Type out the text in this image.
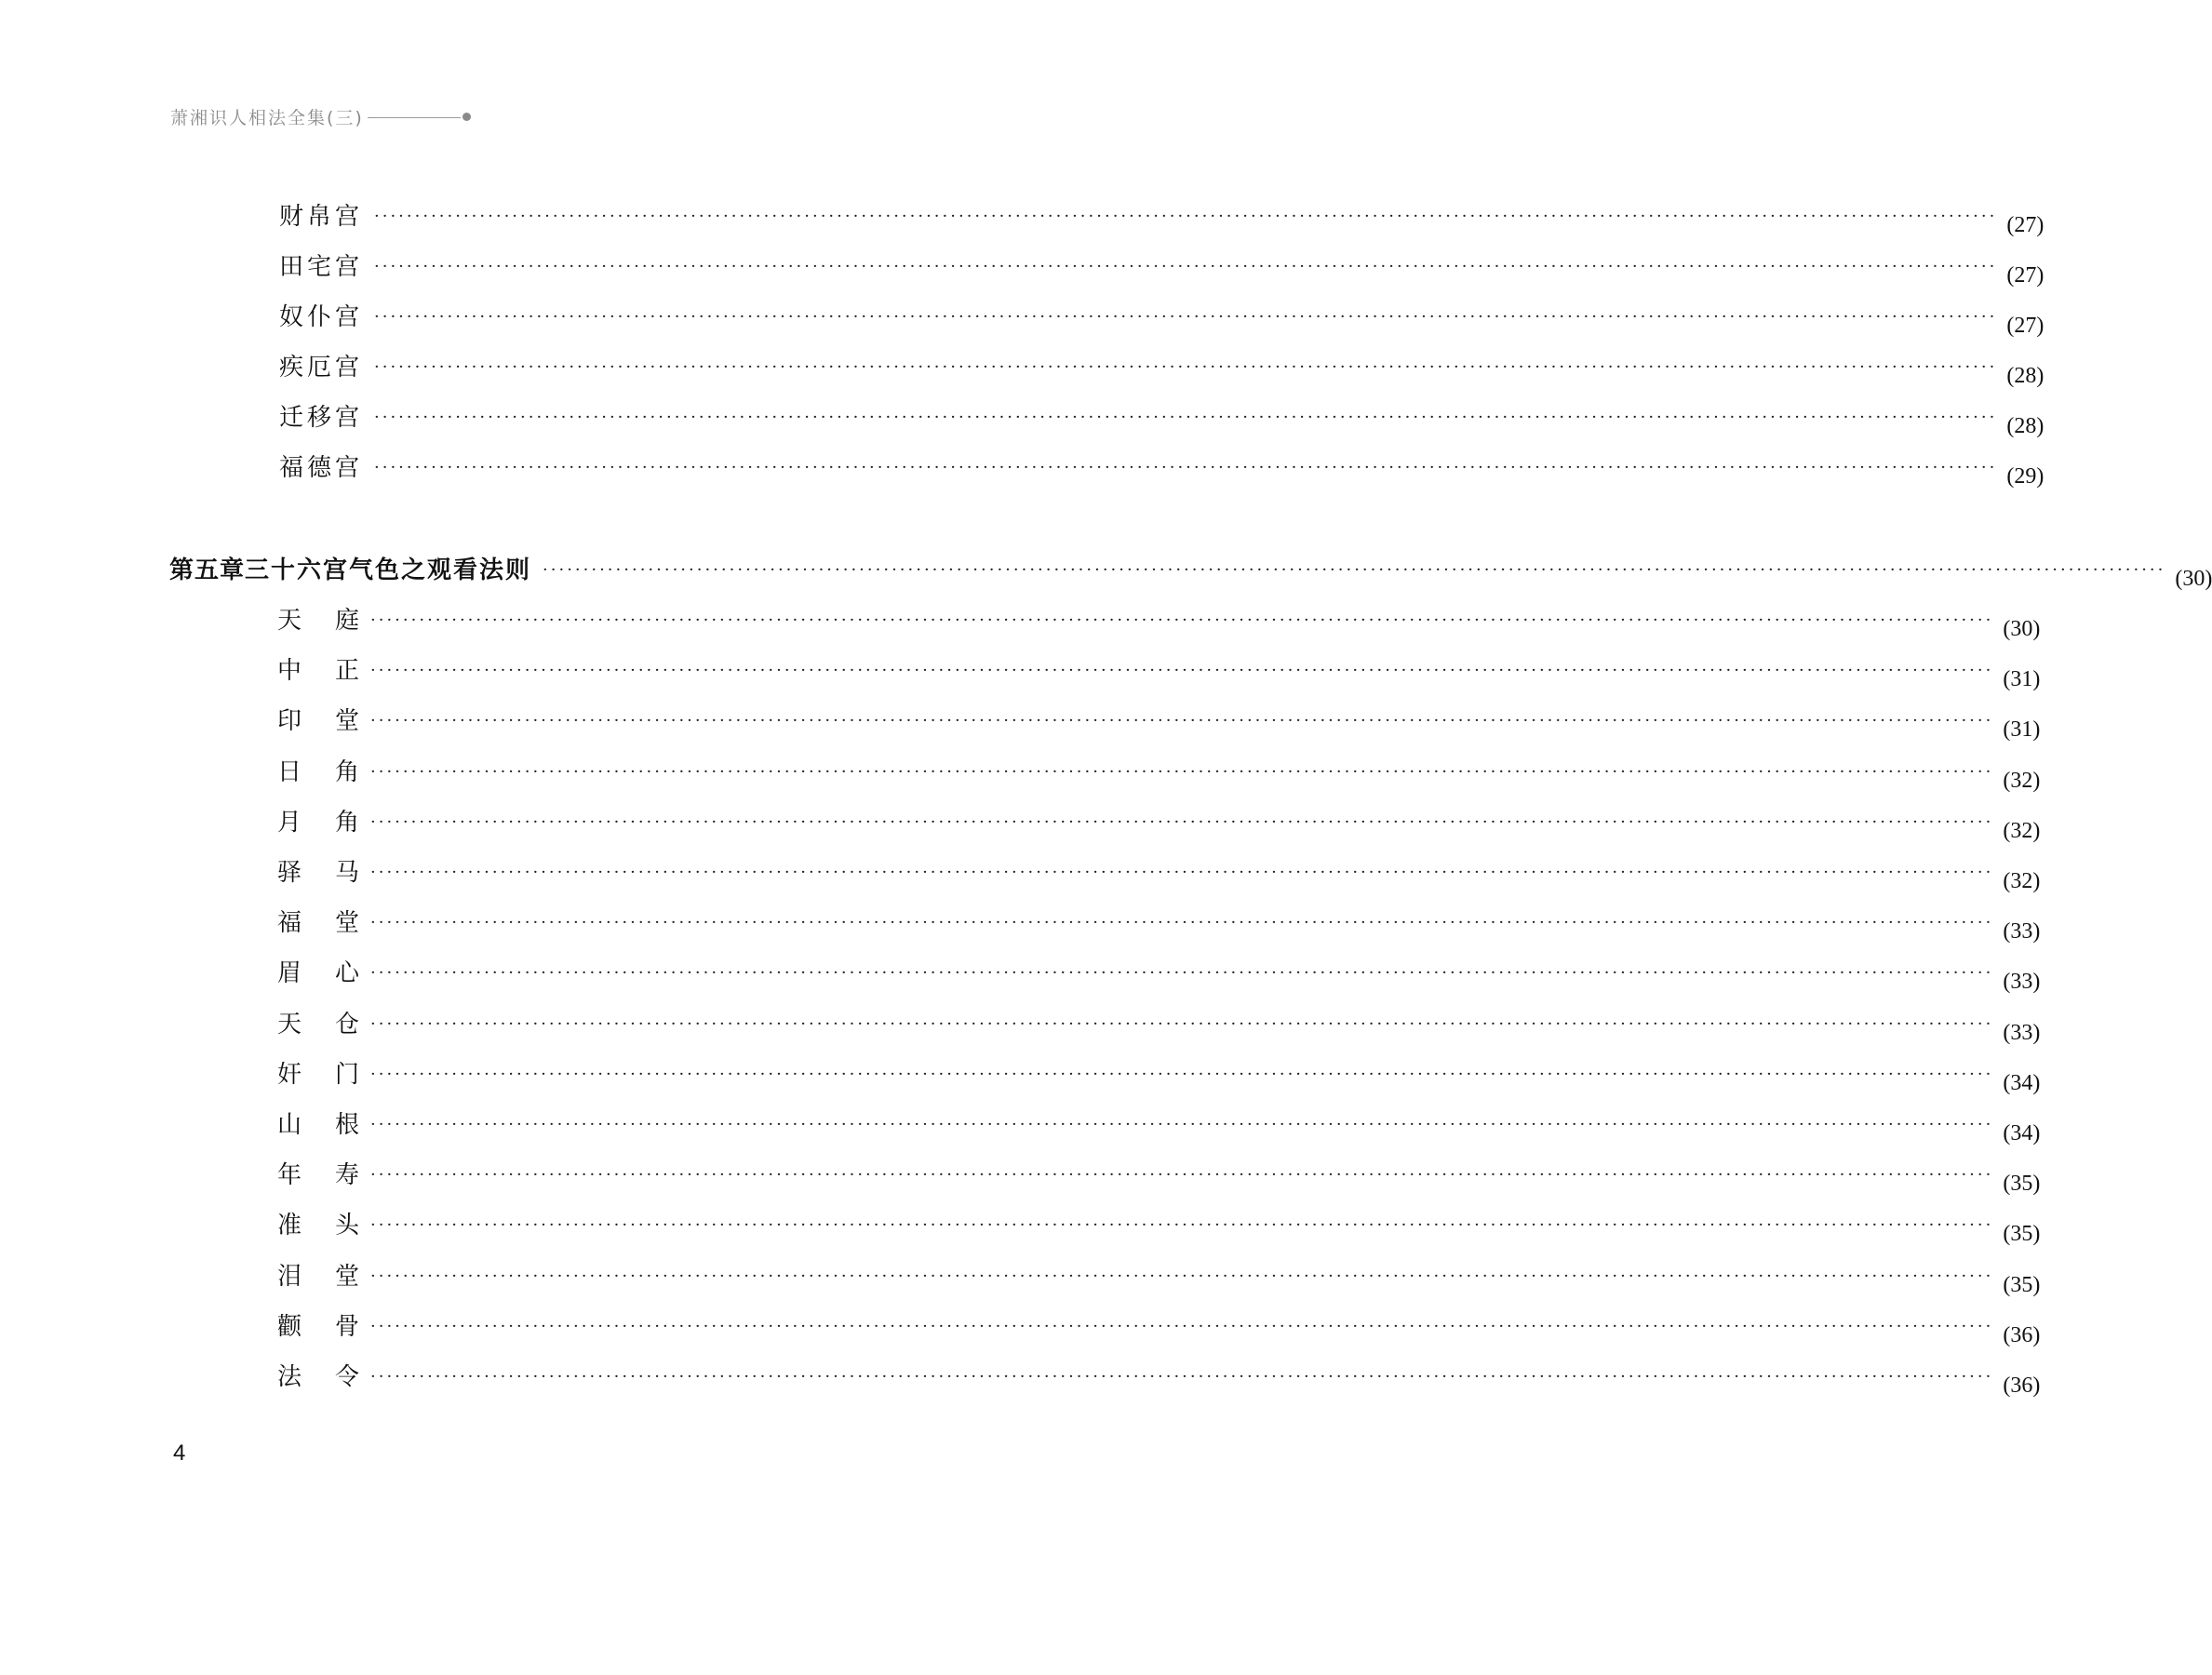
萧湘识人相法全集(三)
财帛宫 ········································································································································································································ (27)
田宅宫 ········································································································································································································ (27)
奴仆宫 ········································································································································································································ (27)
疾厄宫 ········································································································································································································ (28)
迁移宫 ········································································································································································································ (28)
福德宫 ········································································································································································································ (29)
第五章 三十六宫气色之观看法则 ········································································································································································································ (30)
天	庭 ········································································································································································································ (30)
中	正 ········································································································································································································ (31)
印	堂 ········································································································································································································ (31)
日	角 ········································································································································································································ (32)
月	角 ········································································································································································································ (32)
驿	马 ········································································································································································································ (32)
福	堂 ········································································································································································································ (33)
眉	心 ········································································································································································································ (33)
天	仓 ········································································································································································································ (33)
奸	门 ········································································································································································································ (34)
山	根 ········································································································································································································ (34)
年	寿 ········································································································································································································ (35)
准	头 ········································································································································································································ (35)
泪	堂 ········································································································································································································ (35)
颧	骨 ········································································································································································································ (36)
法	令 ········································································································································································································ (36)
4
